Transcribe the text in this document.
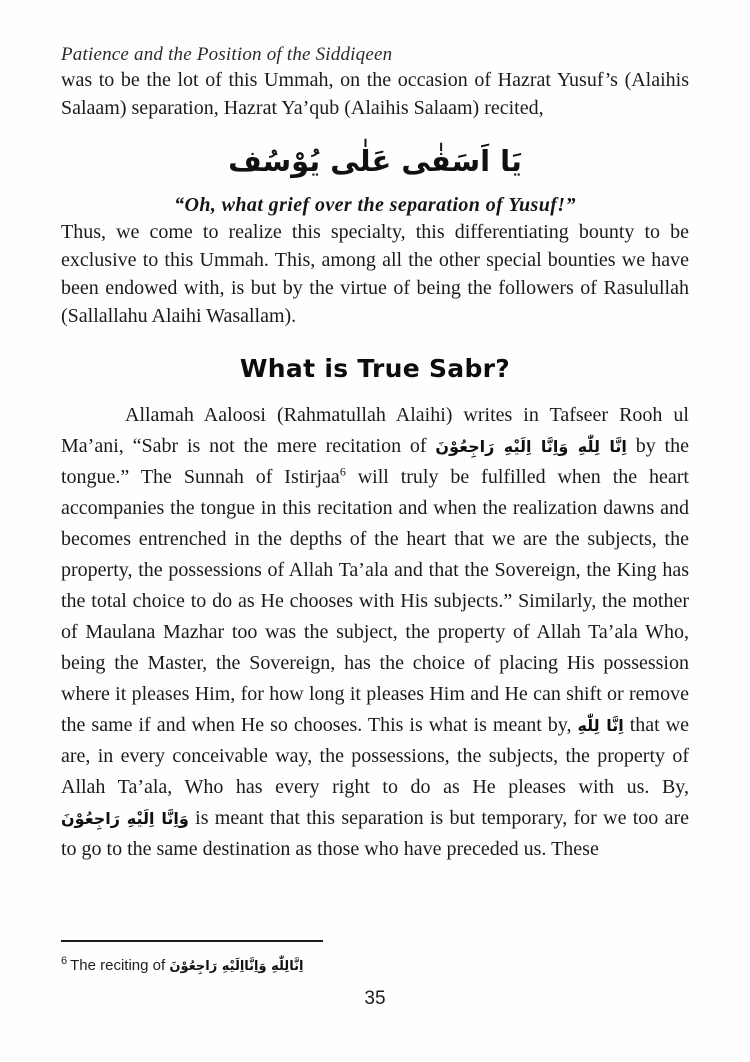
Patience and the Position of the Siddiqeen

was to be the lot of this Ummah, on the occasion of Hazrat Yusuf’s (Alaihis Salaam) separation, Hazrat Ya’qub (Alaihis Salaam) recited,

يَا اَسَفٰى عَلٰى يُوْسُف
“Oh, what grief over the separation of Yusuf!”

Thus, we come to realize this specialty, this differentiating bounty to be exclusive to this Ummah. This, among all the other special bounties we have been endowed with, is but by the virtue of being the followers of Rasulullah (Sallallahu Alaihi Wasallam).

What is True Sabr?

Allamah Aaloosi (Rahmatullah Alaihi) writes in Tafseer Rooh ul Ma’ani, “Sabr is not the mere recitation of اِنَّا لِلّٰهِ وَاِنَّا اِلَيْهِ رَاجِعُوْنَ by the tongue.” The Sunnah of Istirjaa$^6$ will truly be fulfilled when the heart accompanies the tongue in this recitation and when the realization dawns and becomes entrenched in the depths of the heart that we are the subjects, the property, the possessions of Allah Ta’ala and that the Sovereign, the King has the total choice to do as He chooses with His subjects.” Similarly, the mother of Maulana Mazhar too was the subject, the property of Allah Ta’ala Who, being the Master, the Sovereign, has the choice of placing His possession where it pleases Him, for how long it pleases Him and He can shift or remove the same if and when He so chooses. This is what is meant by, اِنَّا لِلّٰهِ that we are, in every conceivable way, the possessions, the subjects, the property of Allah Ta’ala, Who has every right to do as He pleases with us. By, وَاِنَّا اِلَيْهِ رَاجِعُوْنَ is meant that this separation is but temporary, for we too are to go to the same destination as those who have preceded us. These

$^6$ The reciting of اِنَّالِلّٰهِ وَاِنَّااِلَيْهِ رَاجِعُوْنَ
35
